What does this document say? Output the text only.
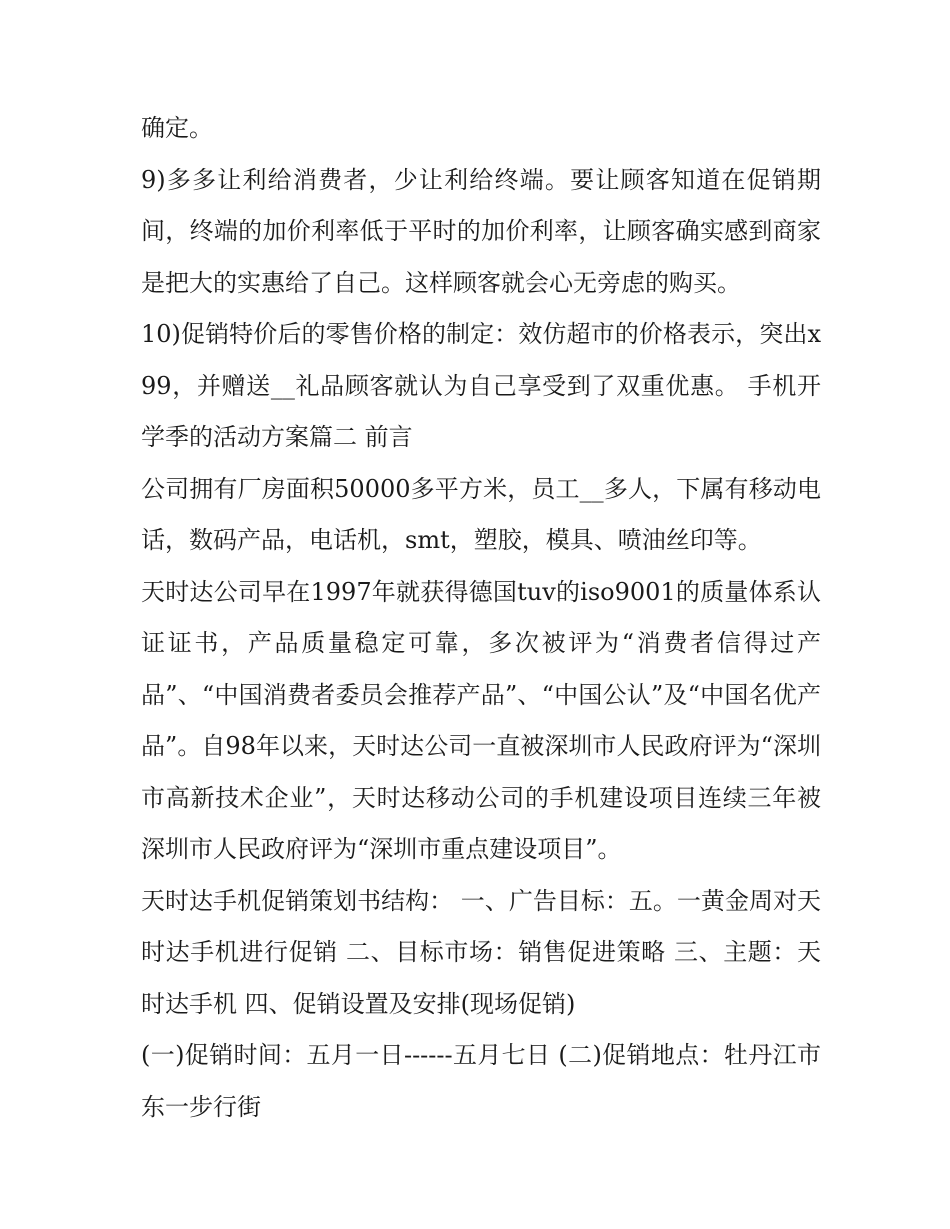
确定。

9)多多让利给消费者，少让利给终端。要让顾客知道在促销期间，终端的加价利率低于平时的加价利率，让顾客确实感到商家是把大的实惠给了自己。这样顾客就会心无旁虑的购买。

10)促销特价后的零售价格的制定：效仿超市的价格表示，突出x99，并赠送__礼品顾客就认为自己享受到了双重优惠。 手机开学季的活动方案篇二 前言

公司拥有厂房面积50000多平方米，员工__多人，下属有移动电话，数码产品，电话机，smt，塑胶，模具、喷油丝印等。

天时达公司早在1997年就获得德国tuv的iso9001的质量体系认证证书，产品质量稳定可靠，多次被评为“消费者信得过产品”、“中国消费者委员会推荐产品”、“中国公认”及“中国名优产品”。自98年以来，天时达公司一直被深圳市人民政府评为“深圳市高新技术企业”，天时达移动公司的手机建设项目连续三年被深圳市人民政府评为“深圳市重点建设项目”。

天时达手机促销策划书结构： 一、广告目标：五。一黄金周对天时达手机进行促销 二、目标市场：销售促进策略 三、主题：天时达手机 四、促销设置及安排(现场促销)

(一)促销时间：五月一日------五月七日 (二)促销地点：牡丹江市东一步行街
